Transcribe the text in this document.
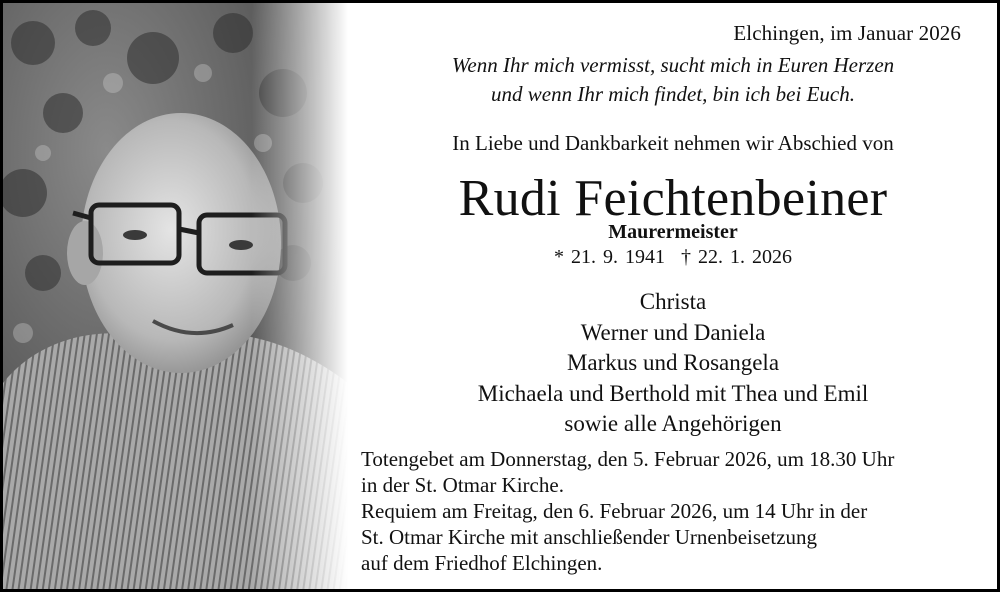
Elchingen, im Januar 2026
Wenn Ihr mich vermisst, sucht mich in Euren Herzen
und wenn Ihr mich findet, bin ich bei Euch.
In Liebe und Dankbarkeit nehmen wir Abschied von
Rudi Feichtenbeiner
Maurermeister
* 21. 9. 1941 † 22. 1. 2026
Christa
Werner und Daniela
Markus und Rosangela
Michaela und Berthold mit Thea und Emil
sowie alle Angehörigen
Totengebet am Donnerstag, den 5. Februar 2026, um 18.30 Uhr
in der St. Otmar Kirche.
Requiem am Freitag, den 6. Februar 2026, um 14 Uhr in der
St. Otmar Kirche mit anschließender Urnenbeisetzung
auf dem Friedhof Elchingen.
